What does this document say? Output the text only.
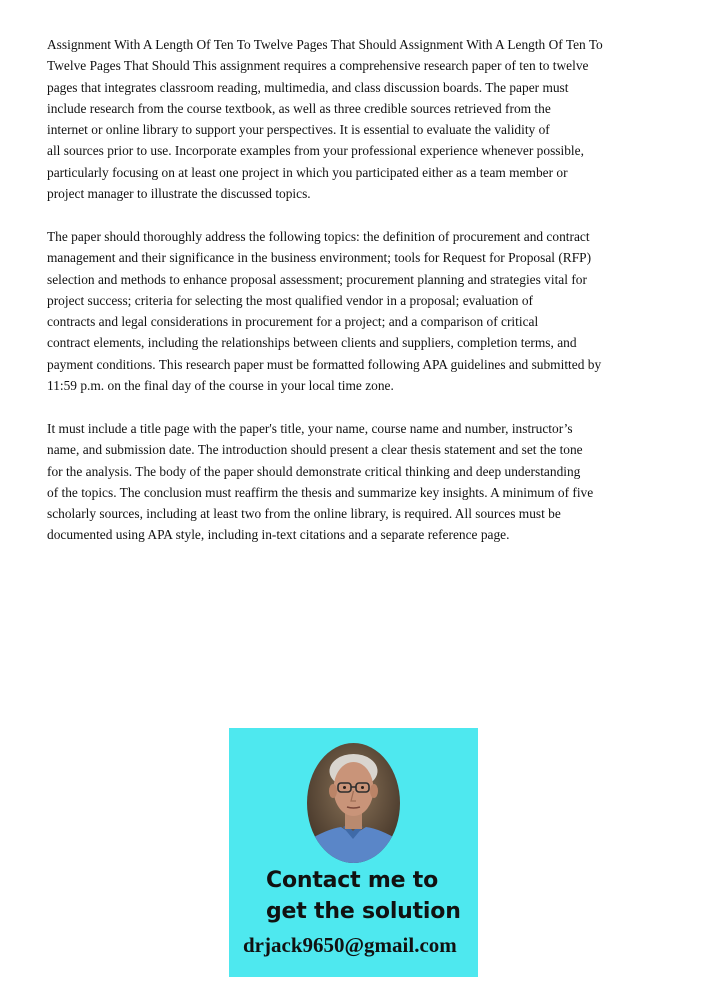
Assignment With A Length Of Ten To Twelve Pages That Should Assignment With A Length Of Ten To
Twelve Pages That Should This assignment requires a comprehensive research paper of ten to twelve
pages that integrates classroom reading, multimedia, and class discussion boards. The paper must
include research from the course textbook, as well as three credible sources retrieved from the
internet or online library to support your perspectives. It is essential to evaluate the validity of
all sources prior to use. Incorporate examples from your professional experience whenever possible,
particularly focusing on at least one project in which you participated either as a team member or
project manager to illustrate the discussed topics.
The paper should thoroughly address the following topics: the definition of procurement and contract
management and their significance in the business environment; tools for Request for Proposal (RFP)
selection and methods to enhance proposal assessment; procurement planning and strategies vital for
project success; criteria for selecting the most qualified vendor in a proposal; evaluation of
contracts and legal considerations in procurement for a project; and a comparison of critical
contract elements, including the relationships between clients and suppliers, completion terms, and
payment conditions. This research paper must be formatted following APA guidelines and submitted by
11:59 p.m. on the final day of the course in your local time zone.
It must include a title page with the paper's title, your name, course name and number, instructor’s
name, and submission date. The introduction should present a clear thesis statement and set the tone
for the analysis. The body of the paper should demonstrate critical thinking and deep understanding
of the topics. The conclusion must reaffirm the thesis and summarize key insights. A minimum of five
scholarly sources, including at least two from the online library, is required. All sources must be
documented using APA style, including in-text citations and a separate reference page.
Contact me to
get the solution
drjack9650@gmail.com
